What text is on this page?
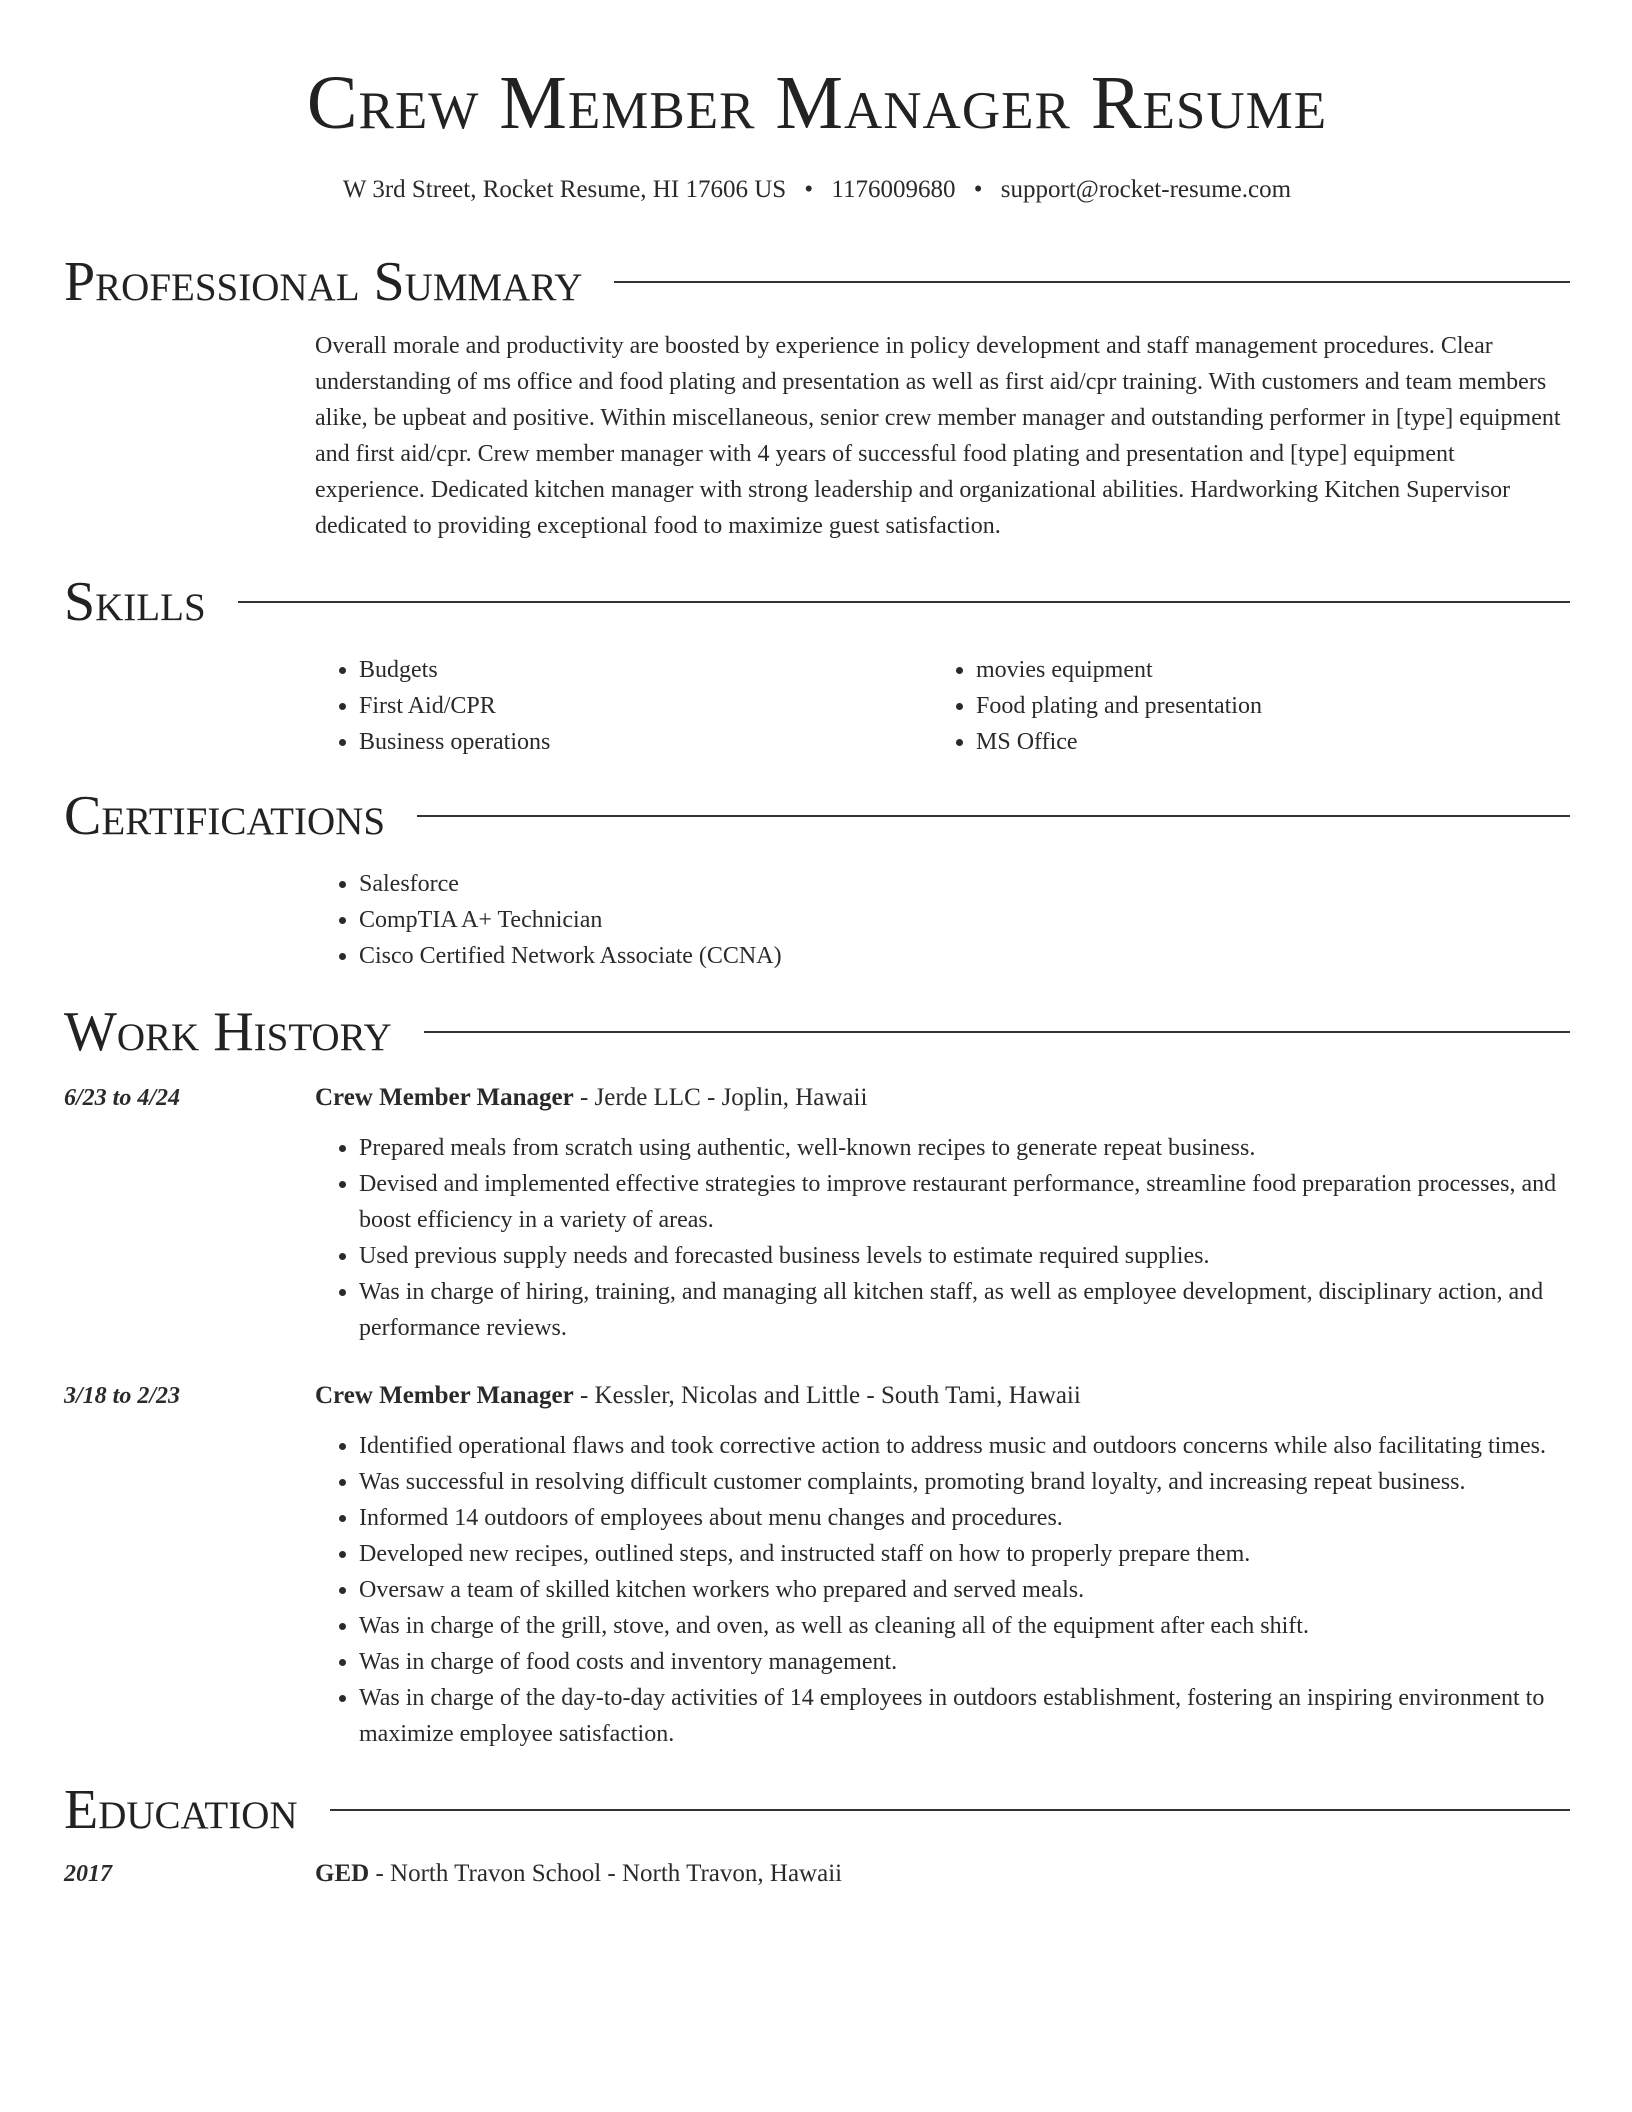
Crew Member Manager Resume
W 3rd Street, Rocket Resume, HI 17606 US • 1176009680 • support@rocket-resume.com
Professional Summary

Overall morale and productivity are boosted by experience in policy development and staff management procedures. Clear understanding of ms office and food plating and presentation as well as first aid/cpr training. With customers and team members alike, be upbeat and positive. Within miscellaneous, senior crew member manager and outstanding performer in [type] equipment and first aid/cpr. Crew member manager with 4 years of successful food plating and presentation and [type] equipment experience. Dedicated kitchen manager with strong leadership and organizational abilities. Hardworking Kitchen Supervisor dedicated to providing exceptional food to maximize guest satisfaction.

Skills
• Budgets
• First Aid/CPR
• Business operations
• movies equipment
• Food plating and presentation
• MS Office
Certifications
• Salesforce
• CompTIA A+ Technician
• Cisco Certified Network Associate (CCNA)
Work History
6/23 to 4/24	Crew Member Manager - Jerde LLC - Joplin, Hawaii
• Prepared meals from scratch using authentic, well-known recipes to generate repeat business.
• Devised and implemented effective strategies to improve restaurant performance, streamline food preparation processes, and boost efficiency in a variety of areas.
• Used previous supply needs and forecasted business levels to estimate required supplies.
• Was in charge of hiring, training, and managing all kitchen staff, as well as employee development, disciplinary action, and performance reviews.
3/18 to 2/23	Crew Member Manager - Kessler, Nicolas and Little - South Tami, Hawaii
• Identified operational flaws and took corrective action to address music and outdoors concerns while also facilitating times.
• Was successful in resolving difficult customer complaints, promoting brand loyalty, and increasing repeat business.
• Informed 14 outdoors of employees about menu changes and procedures.
• Developed new recipes, outlined steps, and instructed staff on how to properly prepare them.
• Oversaw a team of skilled kitchen workers who prepared and served meals.
• Was in charge of the grill, stove, and oven, as well as cleaning all of the equipment after each shift.
• Was in charge of food costs and inventory management.
• Was in charge of the day-to-day activities of 14 employees in outdoors establishment, fostering an inspiring environment to maximize employee satisfaction.
Education
2017	GED - North Travon School - North Travon, Hawaii
